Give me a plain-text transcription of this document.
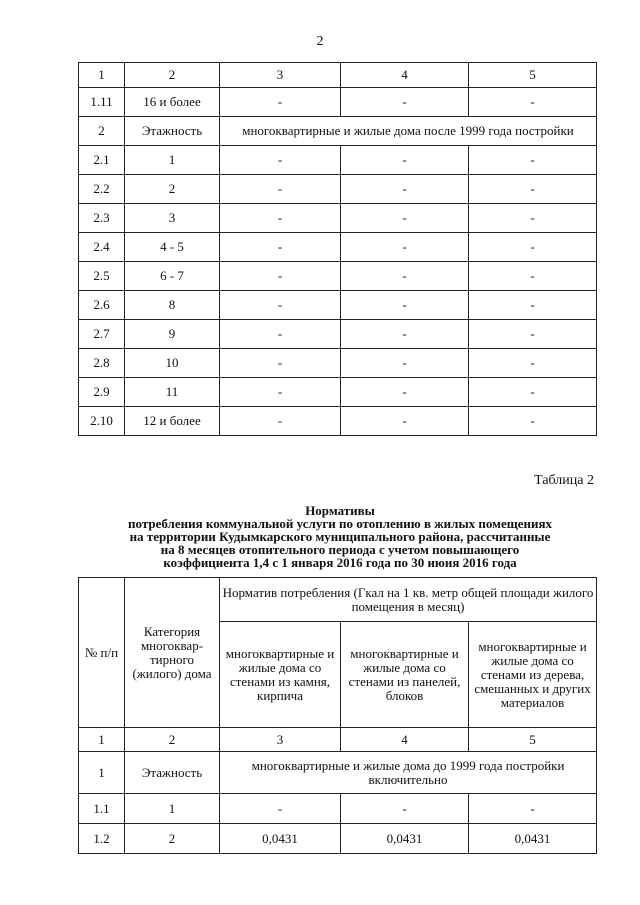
2
1	2	3	4	5
1.11	16 и более	-	-	-
2	Этажность	многоквартирные и жилые дома после 1999 года постройки		
2.1	1	-	-	-
2.2	2	-	-	-
2.3	3	-	-	-
2.4	4 - 5	-	-	-
2.5	6 - 7	-	-	-
2.6	8	-	-	-
2.7	9	-	-	-
2.8	10	-	-	-
2.9	11	-	-	-
2.10	12 и более	-	-	-
Таблица 2
Нормативы
потребления коммунальной услуги по отоплению в жилых помещениях
на территории Кудымкарского муниципального района, рассчитанные
на 8 месяцев отопительного периода с учетом повышающего
коэффициента 1,4 с 1 января 2016 года по 30 июня 2016 года
№ п/п	Категория многоквар- тирного (жилого) дома	Норматив потребления (Гкал на 1 кв. метр общей площади жилого помещения в месяц)		
		многоквартирные и жилые дома со стенами из камня, кирпича	многоквартирные и жилые дома со стенами из панелей, блоков	многоквартирные и жилые дома со стенами из дерева, смешанных и других материалов
1	2	3	4	5
1	Этажность	многоквартирные и жилые дома до 1999 года постройки включительно		
1.1	1	-	-	-
1.2	2	0,0431	0,0431	0,0431
